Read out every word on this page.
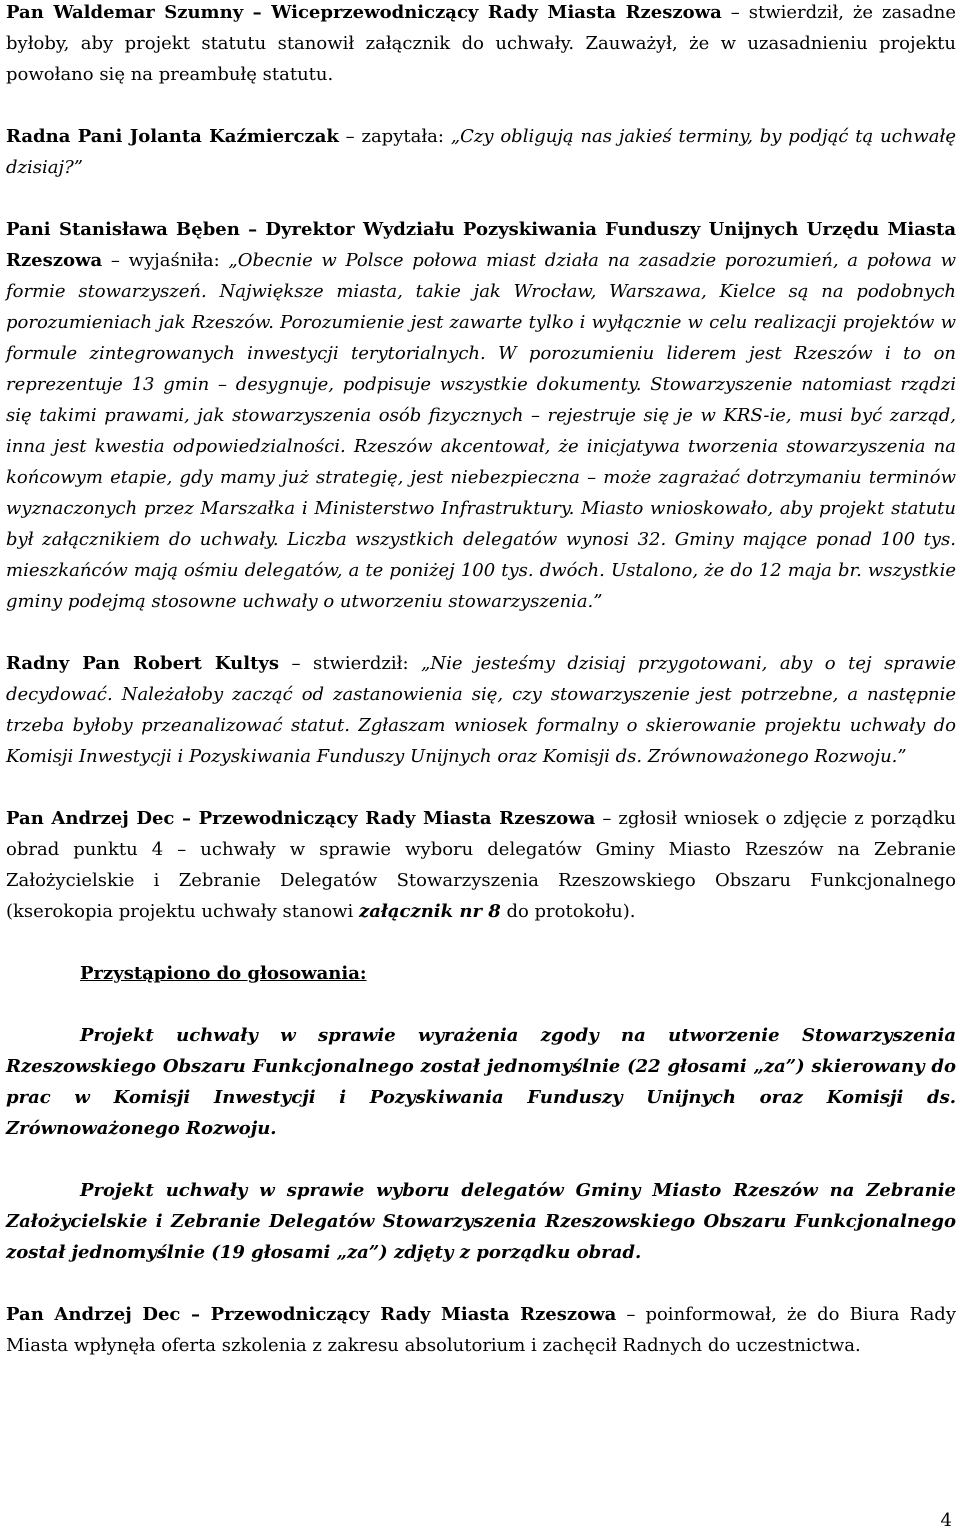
Pan Waldemar Szumny – Wiceprzewodniczący Rady Miasta Rzeszowa – stwierdził, że zasadne byłoby, aby projekt statutu stanowił załącznik do uchwały. Zauważył, że w uzasadnieniu projektu powołano się na preambułę statutu.

Radna Pani Jolanta Kaźmierczak – zapytała: „Czy obligują nas jakieś terminy, by podjąć tą uchwałę dzisiaj?”

Pani Stanisława Bęben – Dyrektor Wydziału Pozyskiwania Funduszy Unijnych Urzędu Miasta Rzeszowa – wyjaśniła: „Obecnie w Polsce połowa miast działa na zasadzie porozumień, a połowa w formie stowarzyszeń. Największe miasta, takie jak Wrocław, Warszawa, Kielce są na podobnych porozumieniach jak Rzeszów. Porozumienie jest zawarte tylko i wyłącznie w celu realizacji projektów w formule zintegrowanych inwestycji terytorialnych. W porozumieniu liderem jest Rzeszów i to on reprezentuje 13 gmin – desygnuje, podpisuje wszystkie dokumenty. Stowarzyszenie natomiast rządzi się takimi prawami, jak stowarzyszenia osób fizycznych – rejestruje się je w KRS-ie, musi być zarząd, inna jest kwestia odpowiedzialności. Rzeszów akcentował, że inicjatywa tworzenia stowarzyszenia na końcowym etapie, gdy mamy już strategię, jest niebezpieczna – może zagrażać dotrzymaniu terminów wyznaczonych przez Marszałka i Ministerstwo Infrastruktury. Miasto wnioskowało, aby projekt statutu był załącznikiem do uchwały. Liczba wszystkich delegatów wynosi 32. Gminy mające ponad 100 tys. mieszkańców mają ośmiu delegatów, a te poniżej 100 tys. dwóch. Ustalono, że do 12 maja br. wszystkie gminy podejmą stosowne uchwały o utworzeniu stowarzyszenia.”

Radny Pan Robert Kultys – stwierdził: „Nie jesteśmy dzisiaj przygotowani, aby o tej sprawie decydować. Należałoby zacząć od zastanowienia się, czy stowarzyszenie jest potrzebne, a następnie trzeba byłoby przeanalizować statut. Zgłaszam wniosek formalny o skierowanie projektu uchwały do Komisji Inwestycji i Pozyskiwania Funduszy Unijnych oraz Komisji ds. Zrównoważonego Rozwoju.”

Pan Andrzej Dec – Przewodniczący Rady Miasta Rzeszowa – zgłosił wniosek o zdjęcie z porządku obrad punktu 4 – uchwały w sprawie wyboru delegatów Gminy Miasto Rzeszów na Zebranie Założycielskie i Zebranie Delegatów Stowarzyszenia Rzeszowskiego Obszaru Funkcjonalnego (kserokopia projektu uchwały stanowi załącznik nr 8 do protokołu).

Przystąpiono do głosowania:

Projekt uchwały w sprawie wyrażenia zgody na utworzenie Stowarzyszenia Rzeszowskiego Obszaru Funkcjonalnego został jednomyślnie (22 głosami „za”) skierowany do prac w Komisji Inwestycji i Pozyskiwania Funduszy Unijnych oraz Komisji ds. Zrównoważonego Rozwoju.

Projekt uchwały w sprawie wyboru delegatów Gminy Miasto Rzeszów na Zebranie Założycielskie i Zebranie Delegatów Stowarzyszenia Rzeszowskiego Obszaru Funkcjonalnego został jednomyślnie (19 głosami „za”) zdjęty z porządku obrad.

Pan Andrzej Dec – Przewodniczący Rady Miasta Rzeszowa – poinformował, że do Biura Rady Miasta wpłynęła oferta szkolenia z zakresu absolutorium i zachęcił Radnych do uczestnictwa.

4
